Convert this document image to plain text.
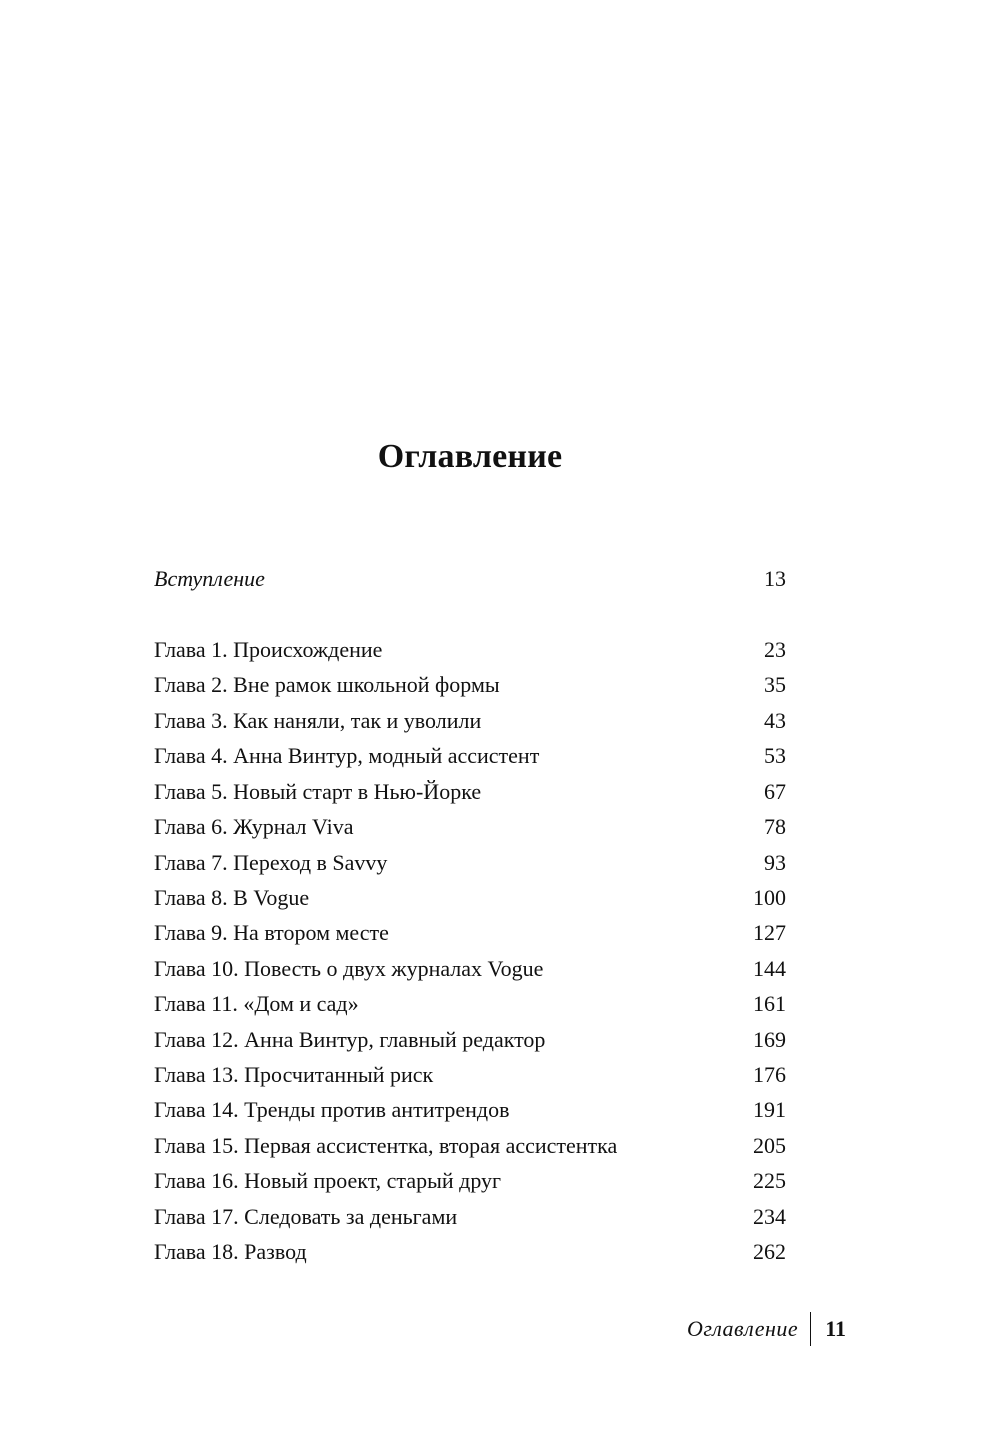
Оглавление
Вступление	13
Глава 1. Происхождение	23
Глава 2. Вне рамок школьной формы	35
Глава 3. Как наняли, так и уволили	43
Глава 4. Анна Винтур, модный ассистент	53
Глава 5. Новый старт в Нью-Йорке	67
Глава 6. Журнал Viva	78
Глава 7. Переход в Savvy	93
Глава 8. В Vogue	100
Глава 9. На втором месте	127
Глава 10. Повесть о двух журналах Vogue	144
Глава 11. «Дом и сад»	161
Глава 12. Анна Винтур, главный редактор	169
Глава 13. Просчитанный риск	176
Глава 14. Тренды против антитрендов	191
Глава 15. Первая ассистентка, вторая ассистентка	205
Глава 16. Новый проект, старый друг	225
Глава 17. Следовать за деньгами	234
Глава 18. Развод	262
Оглавление	11
